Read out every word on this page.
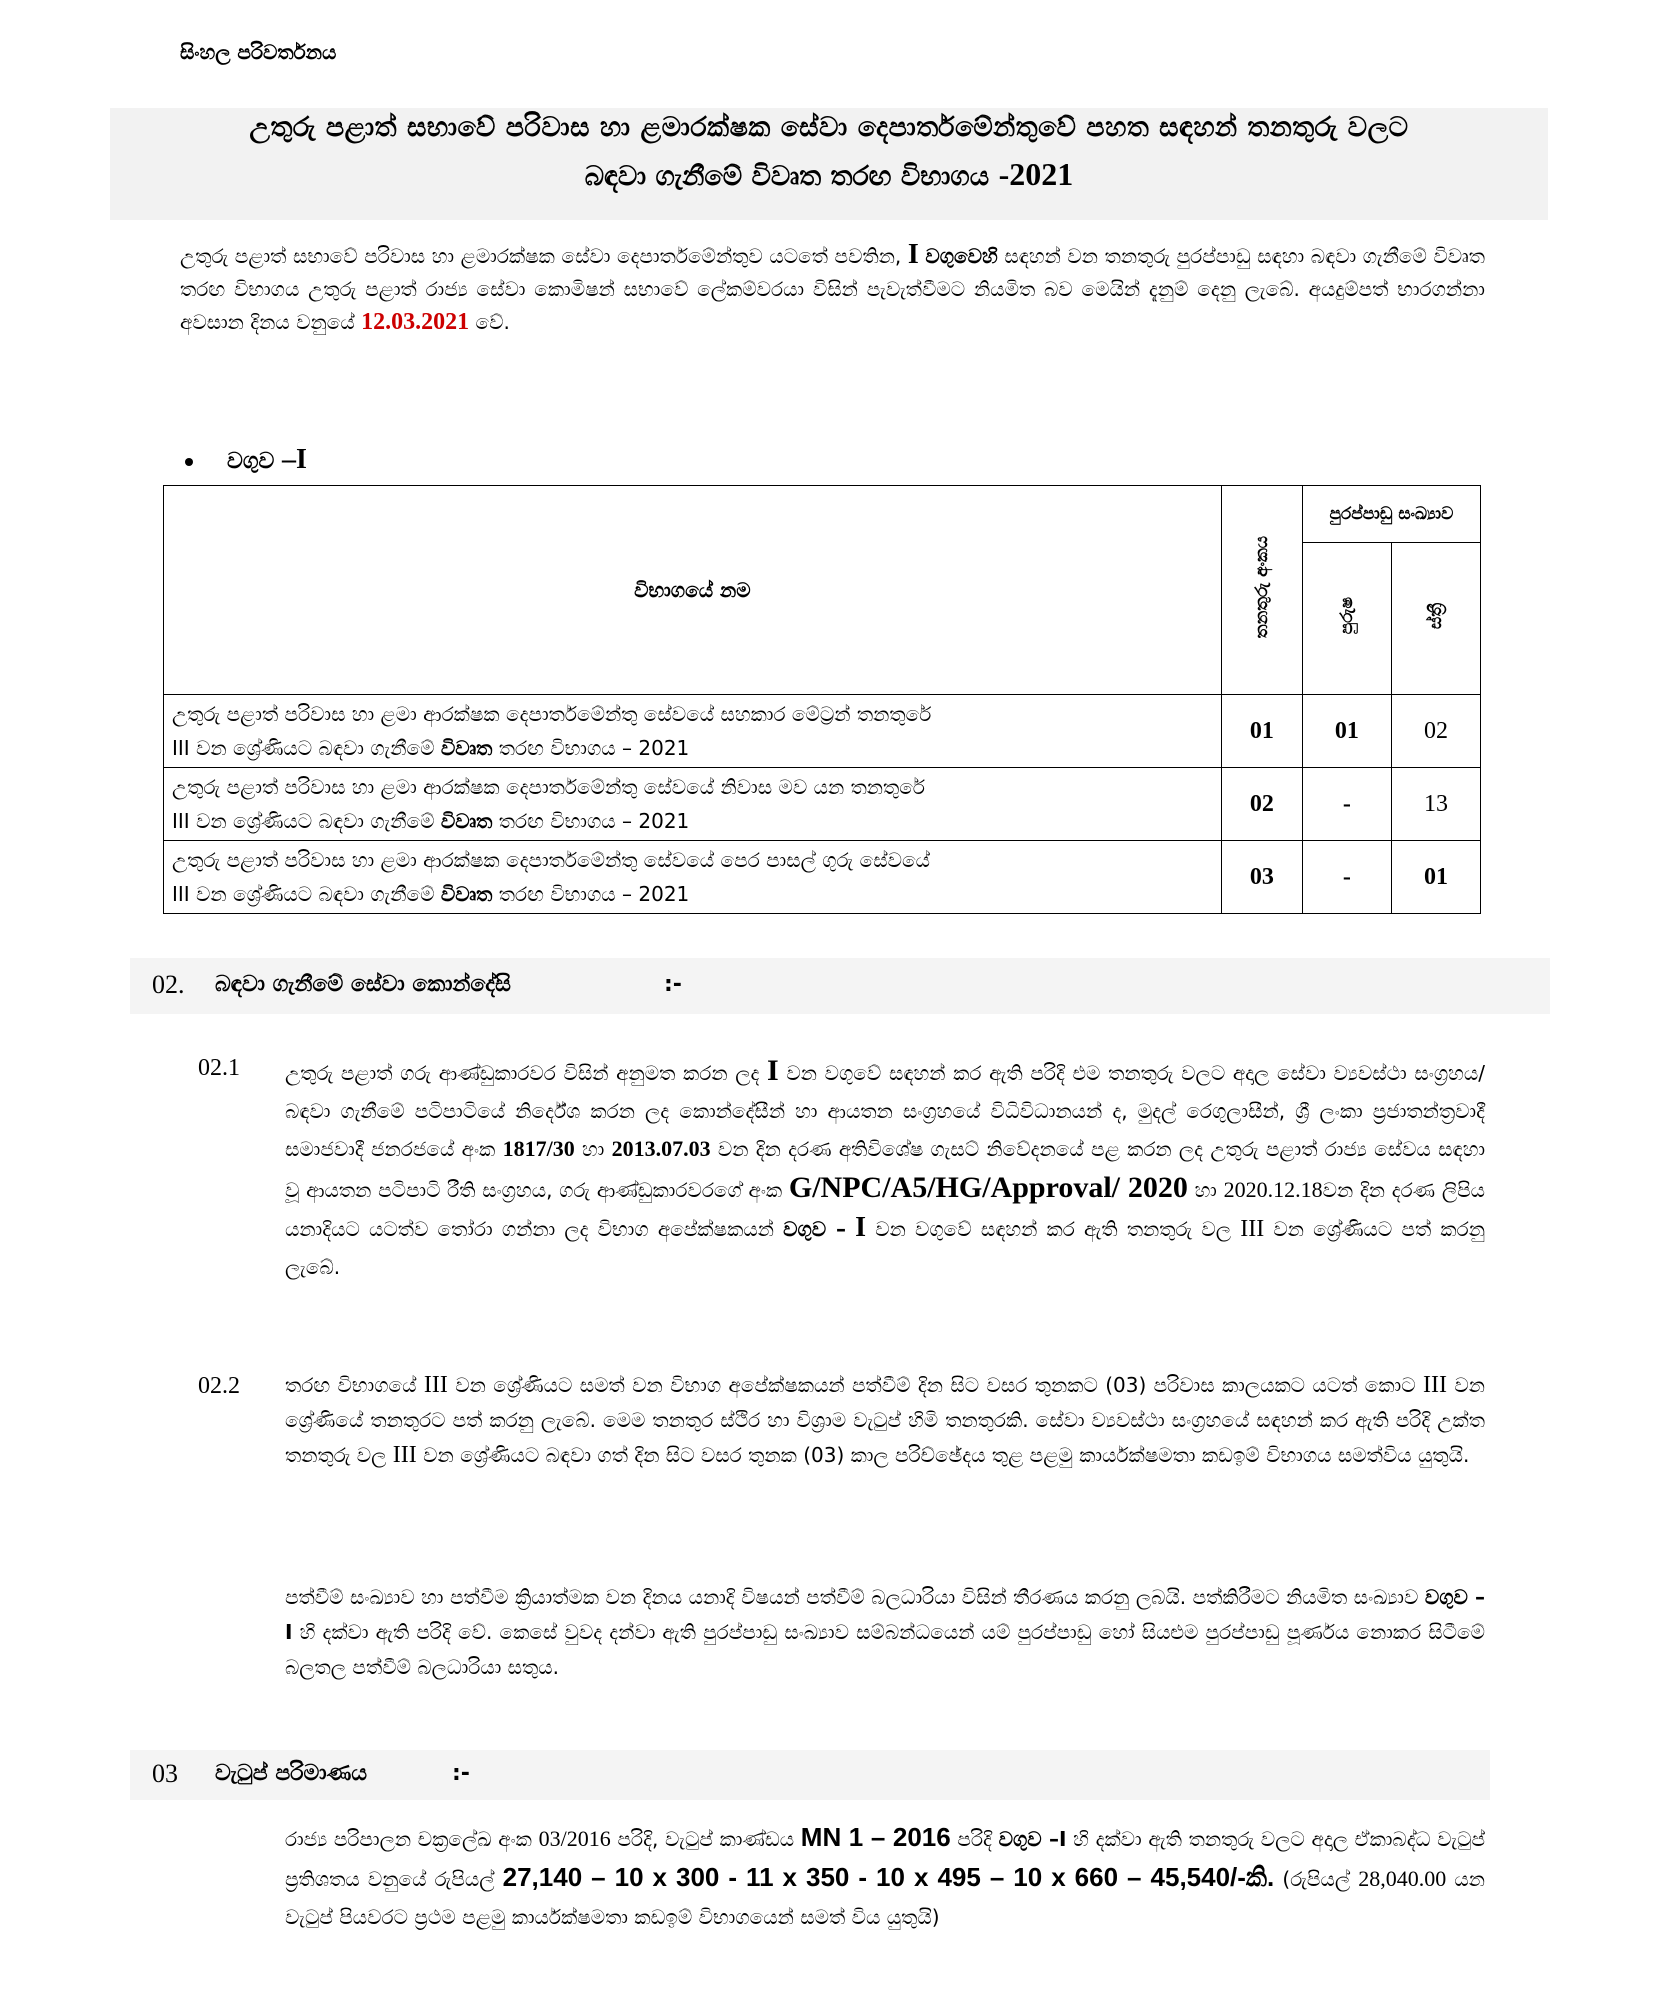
සිංහල පරිවර්තනය
උතුරු පළාත් සභාවේ පරිවාස හා ළමාරක්ෂක සේවා දෙපාර්තමේන්තුවේ පහත සඳහන් තනතුරු වලට
බඳවා ගැනීමේ විවෘත තරඟ විභාගය -2021
උතුරු පළාත් සභාවේ පරිවාස හා ළමාරක්ෂක සේවා දෙපාර්තමේන්තුව යටතේ පවතින, I වගුවෙහි සඳහන් වන තනතුරු පුරප්පාඩු සඳහා බඳවා ගැනීමේ විවෘත තරඟ විභාගය උතුරු පළාත් රාජ්‍ය සේවා කොමිෂන් සභාවේ ලේකම්වරයා විසින් පැවැත්වීමට නියමිත බව මෙයින් දැනුම් දෙනු ලැබේ. අයදුම්පත් භාරගන්නා අවසාන දිනය වනුයේ 12.03.2021 වේ.
වගුව –I
විභාගයේ නම	තනතුරු අංකය	පුරප්පාඩු සංඛ්‍යාව	
		පුරුෂ	ස්ත්‍රී

උතුරු පළාත් පරිවාස හා ළමා ආරක්ෂක දෙපාර්තමේන්තු සේවයේ සහකාර මේට්‍රන් තනතුරේ
III වන ශ්‍රේණියට බඳවා ගැනීමේ විවෘත තරඟ විභාගය – 2021	01	01	02

උතුරු පළාත් පරිවාස හා ළමා ආරක්ෂක දෙපාර්තමේන්තු සේවයේ නිවාස මව යන තනතුරේ
III වන ශ්‍රේණියට බඳවා ගැනීමේ විවෘත තරඟ විභාගය – 2021	02	-	13

උතුරු පළාත් පරිවාස හා ළමා ආරක්ෂක දෙපාර්තමේන්තු සේවයේ පෙර පාසල් ගුරු සේවයේ
III වන ශ්‍රේණියට බඳවා ගැනීමේ විවෘත තරඟ විභාගය – 2021	03	-	01
02. බඳවා ගැනීමේ සේවා කොන්දේසි	:-
02.1 උතුරු පළාත් ගරු ආණ්ඩුකාරවර විසින් අනුමත කරන ලද I වන වගුවේ සඳහන් කර ඇති පරිදි එම තනතුරු වලට අදාල සේවා ව්‍යවස්ථා සංග්‍රහය/බඳවා ගැනීමේ පටිපාටියේ නිර්දේශ කරන ලද කොන්දේසීන් හා ආයතන සංග්‍රහයේ විධිවිධානයන් ද, මුදල් රෙගුලාසීන්, ශ්‍රී ලංකා ප්‍රජාතන්ත්‍රවාදී සමාජවාදී ජනරජයේ අංක 1817/30 හා 2013.07.03 වන දින දරණ අතිවිශේෂ ගැසට් නිවේදනයේ පළ කරන ලද උතුරු පළාත් රාජ්‍ය සේවය සඳහා වූ ආයතන පටිපාටි රීති සංග්‍රහය, ගරු ආණ්ඩුකාරවරගේ අංක G/NPC/A5/HG/Approval/ 2020 හා 2020.12.18වන දින දරණ ලිපිය යනාදියට යටත්ව තෝරා ගන්නා ලද විභාග අපේක්ෂකයන් වගුව – I වන වගුවේ සඳහන් කර ඇති තනතුරු වල III වන ශ්‍රේණියට පත් කරනු ලැබේ.
02.2 තරඟ විභාගයේ III වන ශ්‍රේණියට සමත් වන විභාග අපේක්ෂකයන් පත්වීම් දින සිට වසර තුනකට (03) පරිවාස කාලයකට යටත් කොට III වන ශ්‍රේණියේ තනතුරට පත් කරනු ලැබේ. මෙම තනතුර ස්ථිර හා විශ්‍රාම වැටුප් හිමි තනතුරකි. සේවා ව්‍යවස්ථා සංග්‍රහයේ සඳහන් කර ඇති පරිදි උක්ත තනතුරු වල III වන ශ්‍රේණියට බඳවා ගත් දින සිට වසර තුනක (03) කාල පරිච්ඡේදය තුළ පළමු කාර්යක්ෂමතා කඩඉම් විභාගය සමත්විය යුතුයි.
පත්වීම් සංඛ්‍යාව හා පත්වීම ක්‍රියාත්මක වන දිනය යනාදි විෂයන් පත්වීම් බලධාරියා විසින් තීරණය කරනු ලබයි. පත්කිරීමට නියමිත සංඛ්‍යාව වගුව –I හි දක්වා ඇති පරිදි වේ. කෙසේ වුවද දන්වා ඇති පුරප්පාඩු සංඛ්‍යාව සම්බන්ධයෙන් යම් පුරප්පාඩු හෝ සියළුම පුරප්පාඩු පූර්ණය නොකර සිටීමේ බලතල පත්වීම් බලධාරියා සතුය.
03 වැටුප් පරිමාණය	:-
රාජ්‍ය පරිපාලන චක්‍රලේඛ අංක 03/2016 පරිදි, වැටුප් කාණ්ඩය MN 1 – 2016 පරිදි වගුව –I හි දක්වා ඇති තනතුරු වලට අදාල ඒකාබද්ධ වැටුප් ප්‍රතිශතය වනුයේ රුපියල් 27,140 – 10 x 300 - 11 x 350 - 10 x 495 – 10 x 660 – 45,540/-කි. (රුපියල් 28,040.00 යන වැටුප් පියවරට ප්‍රථම පළමු කාර්යක්ෂමතා කඩඉම් විභාගයෙන් සමත් විය යුතුයි)
